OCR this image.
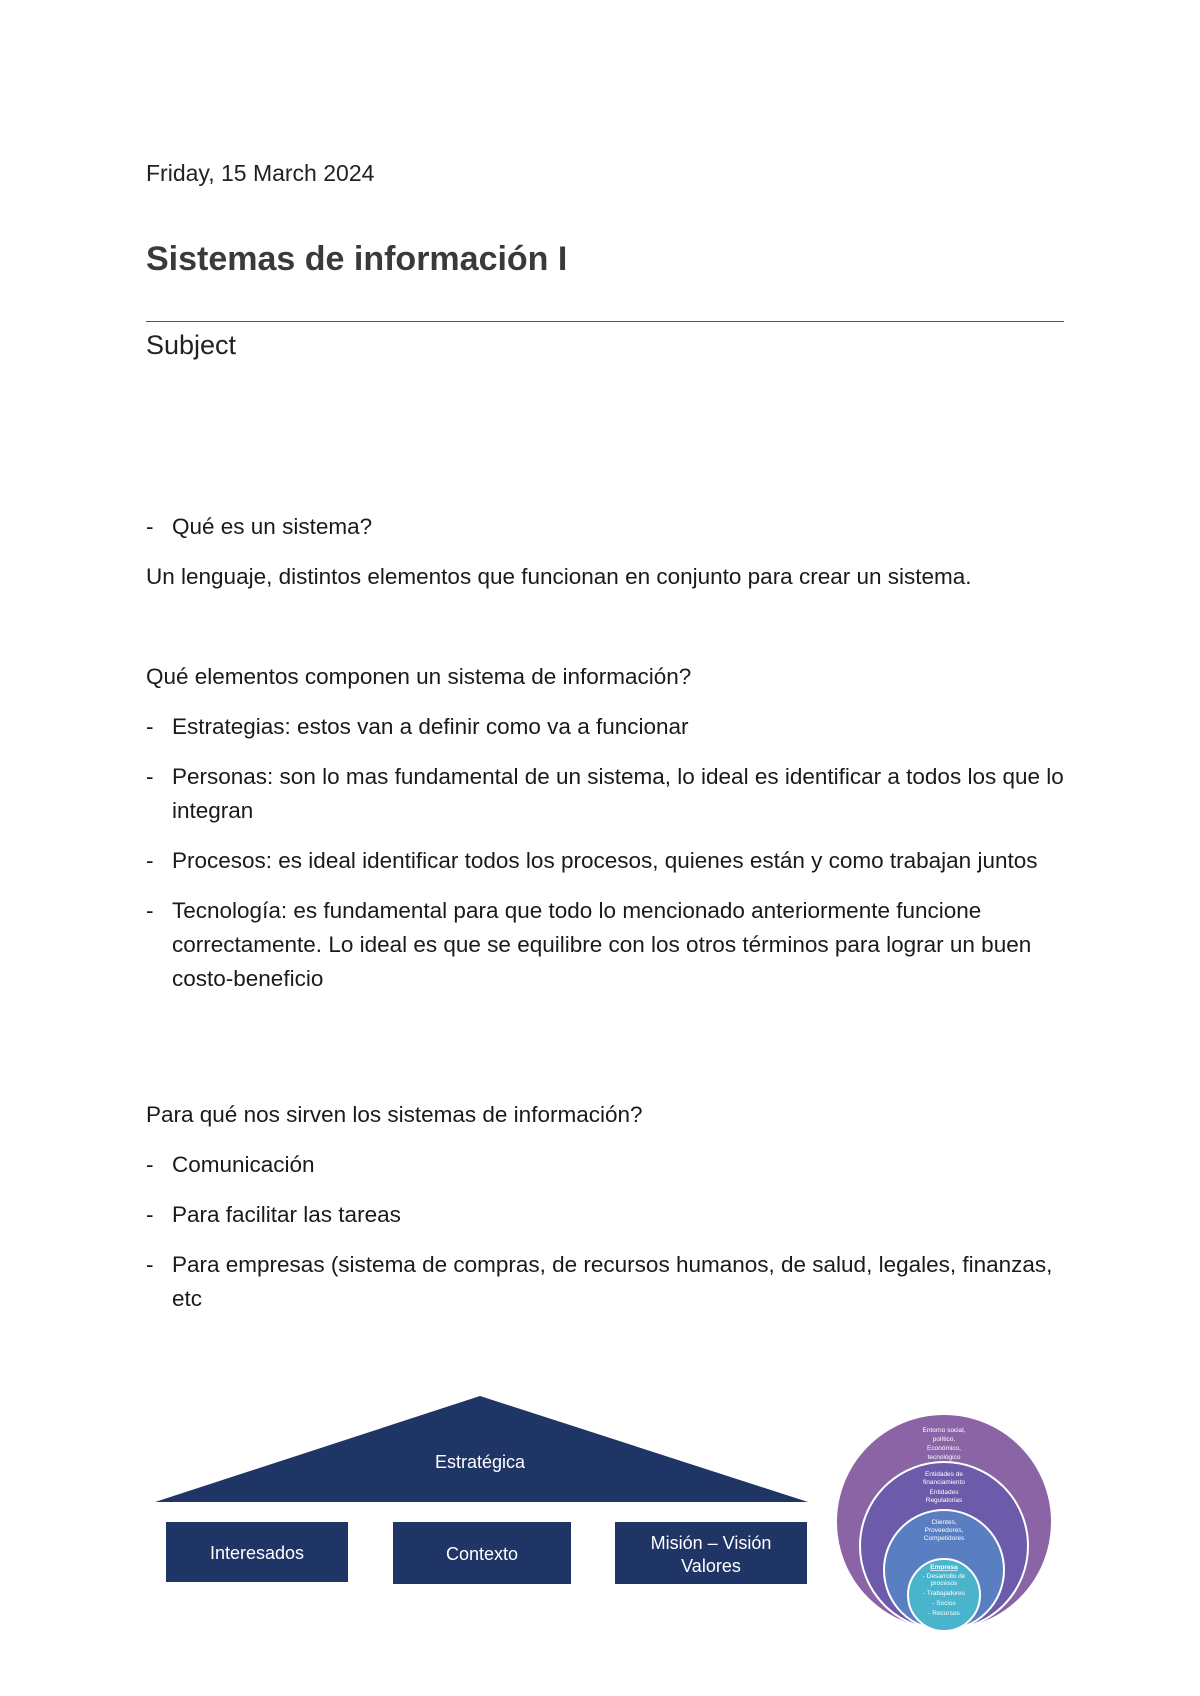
Friday, 15 March 2024
Sistemas de información I
Subject

- Qué es un sistema?

Un lenguaje, distintos elementos que funcionan en conjunto para crear un sistema.

Qué elementos componen un sistema de información?

- Estrategias: estos van a definir como va a funcionar

- Personas: son lo mas fundamental de un sistema, lo ideal es identificar a todos los que lo integran

- Procesos: es ideal identificar todos los procesos, quienes están y como trabajan juntos

- Tecnología: es fundamental para que todo lo mencionado anteriormente funcione correctamente. Lo ideal es que se equilibre con los otros términos para lograr un buen costo-beneficio

Para qué nos sirven los sistemas de información?

- Comunicación

- Para facilitar las tareas

- Para empresas (sistema de compras, de recursos humanos, de salud, legales, finanzas, etc

Estratégica
Interesados	Contexto
Misión – Visión
Valores
Entorno social,
político,
Económico,
tecnológico
Entidades de
financiamiento
Entidades
Regulatorias
Clientes,
Proveedores,
Competidores
Empresa
- Desarrollo de
procesos
- Trabajadores
- Socios
- Recursos
